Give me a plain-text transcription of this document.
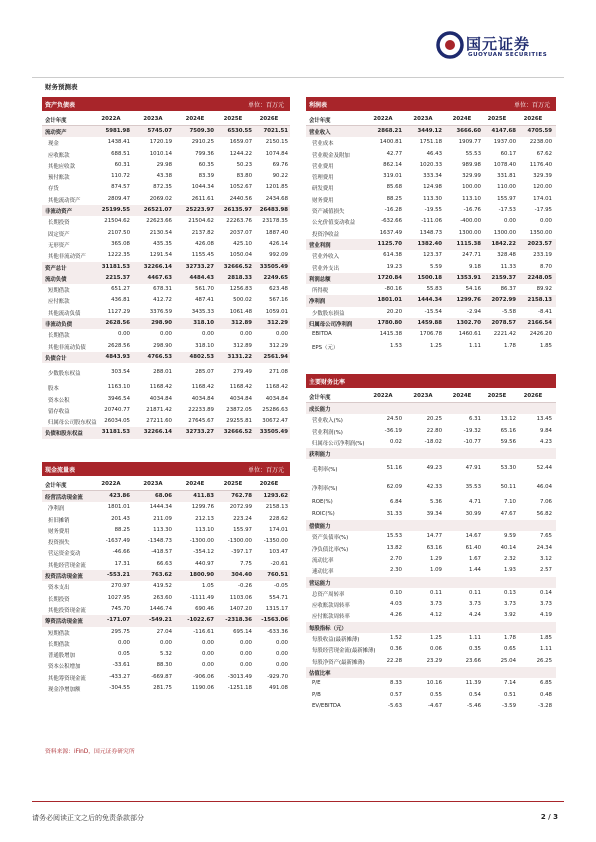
国元证券
GUOYUAN SECURITIES
财务预测表
资产负债表	单位：百万元
会计年度	2022A	2023A	2024E	2025E	2026E
流动资产	5981.98	5745.07	7509.30	6530.55	7021.51
现金	1438.41	1720.19	2910.25	1659.07	2150.15
应收账款	688.51	1010.14	799.36	1244.22	1074.84
其他应收款	60.31	29.98	60.35	50.23	69.76
预付账款	110.72	43.38	83.39	83.80	90.22
存货	874.57	872.35	1044.34	1052.67	1201.85
其他流动资产	2809.47	2069.02	2611.61	2440.56	2434.68
非流动资产	25199.55	26521.07	25223.97	26135.97	26483.98
长期投资	21504.62	22623.66	21504.62	22263.76	23178.35
固定资产	2107.50	2130.54	2137.82	2037.07	1887.40
无形资产	365.08	435.35	426.08	425.10	426.14
其他非流动资产	1222.35	1291.54	1155.45	1050.04	992.09
资产总计	31181.53	32266.14	32733.27	32666.52	33505.49
流动负债	2215.37	4467.63	4484.43	2818.33	2249.65
短期借款	651.27	678.31	561.70	1256.83	623.48
应付账款	436.81	412.72	487.41	500.02	567.16
其他流动负债	1127.29	3376.59	3435.33	1061.48	1059.01
非流动负债	2628.56	298.90	318.10	312.89	312.29
长期借款	0.00	0.00	0.00	0.00	0.00
其他非流动负债	2628.56	298.90	318.10	312.89	312.29
负债合计	4843.93	4766.53	4802.53	3131.22	2561.94
少数股东权益	303.54	288.01	285.07	279.49	271.08
股本	1163.10	1168.42	1168.42	1168.42	1168.42
资本公积	3946.54	4034.84	4034.84	4034.84	4034.84
留存收益	20740.77	21871.42	22233.89	23872.05	25286.63
归属母公司股东权益	26034.05	27211.60	27645.67	29255.81	30672.47
负债和股东权益	31181.53	32266.14	32733.27	32666.52	33505.49
利润表	单位：百万元
会计年度	2022A	2023A	2024E	2025E	2026E
营业收入	2868.21	3449.12	3666.60	4147.68	4705.59
营业成本	1400.81	1751.18	1909.77	1937.00	2238.00
营业税金及附加	42.77	46.43	55.53	60.17	67.62
营业费用	862.14	1020.33	989.98	1078.40	1176.40
管理费用	319.01	333.34	329.99	331.81	329.39
研发费用	85.68	124.98	100.00	110.00	120.00
财务费用	88.25	113.30	113.10	155.97	174.01
资产减值损失	-16.28	-19.55	-16.76	-17.53	-17.95
公允价值变动收益	-632.66	-111.06	-400.00	0.00	0.00
投资净收益	1637.49	1348.73	1300.00	1300.00	1350.00
营业利润	1125.70	1382.40	1115.38	1842.22	2023.57
营业外收入	614.38	123.37	247.71	328.48	233.19
营业外支出	19.23	5.59	9.18	11.33	8.70
利润总额	1720.84	1500.18	1353.91	2159.37	2248.05
所得税	-80.16	55.83	54.16	86.37	89.92
净利润	1801.01	1444.34	1299.76	2072.99	2158.13
少数股东损益	20.20	-15.54	-2.94	-5.58	-8.41
归属母公司净利润	1780.80	1459.88	1302.70	2078.57	2166.54
EBITDA	1415.38	1706.78	1460.61	2221.42	2426.20
EPS（元）	1.53	1.25	1.11	1.78	1.85
主要财务比率
会计年度	2022A	2023A	2024E	2025E	2026E
成长能力
营业收入(%)	24.50	20.25	6.31	13.12	13.45
营业利润(%)	-36.19	22.80	-19.32	65.16	9.84
归属母公司净利润(%)	0.02	-18.02	-10.77	59.56	4.23
获利能力
毛利率(%)	51.16	49.23	47.91	53.30	52.44
净利率(%)	62.09	42.33	35.53	50.11	46.04
ROE(%)	6.84	5.36	4.71	7.10	7.06
ROIC(%)	31.33	39.34	30.99	47.67	56.82
偿债能力
资产负债率(%)	15.53	14.77	14.67	9.59	7.65
净负债比率(%)	13.82	63.16	61.40	40.14	24.34
流动比率	2.70	1.29	1.67	2.32	3.12
速动比率	2.30	1.09	1.44	1.93	2.57
营运能力
总资产周转率	0.10	0.11	0.11	0.13	0.14
应收账款周转率	4.03	3.73	3.73	3.73	3.73
应付账款周转率	4.26	4.12	4.24	3.92	4.19
每股指标（元）
每股收益(最新摊薄)	1.52	1.25	1.11	1.78	1.85
每股经营现金流(最新摊薄)	0.36	0.06	0.35	0.65	1.11
每股净资产(最新摊薄)	22.28	23.29	23.66	25.04	26.25
估值比率
P/E	8.33	10.16	11.39	7.14	6.85
P/B	0.57	0.55	0.54	0.51	0.48
EV/EBITDA	-5.63	-4.67	-5.46	-3.59	-3.28
现金流量表	单位：百万元
会计年度	2022A	2023A	2024E	2025E	2026E
经营活动现金流	423.86	68.06	411.83	762.78	1293.62
净利润	1801.01	1444.34	1299.76	2072.99	2158.13
折旧摊销	201.43	211.09	212.13	223.24	228.62
财务费用	88.25	113.30	113.10	155.97	174.01
投资损失	-1637.49	-1348.73	-1300.00	-1300.00	-1350.00
营运资金变动	-46.66	-418.57	-354.12	-397.17	103.47
其他经营现金流	17.31	66.63	440.97	7.75	-20.61
投资活动现金流	-553.21	763.62	1800.90	304.40	760.51
资本支出	270.97	419.52	1.05	-0.26	-0.05
长期投资	1027.95	263.60	-1111.49	1103.06	554.71
其他投资现金流	745.70	1446.74	690.46	1407.20	1315.17
筹资活动现金流	-171.07	-549.21	-1022.67	-2318.36	-1563.06
短期借款	295.75	27.04	-116.61	695.14	-633.36
长期借款	0.00	0.00	0.00	0.00	0.00
普通股增加	0.05	5.32	0.00	0.00	0.00
资本公积增加	-33.61	88.30	0.00	0.00	0.00
其他筹资现金流	-433.27	-669.87	-906.06	-3013.49	-929.70
现金净增加额	-304.55	281.75	1190.06	-1251.18	491.08
资料来源：iFinD，国元证券研究所
请务必阅读正文之后的免责条款部分	2 / 3
